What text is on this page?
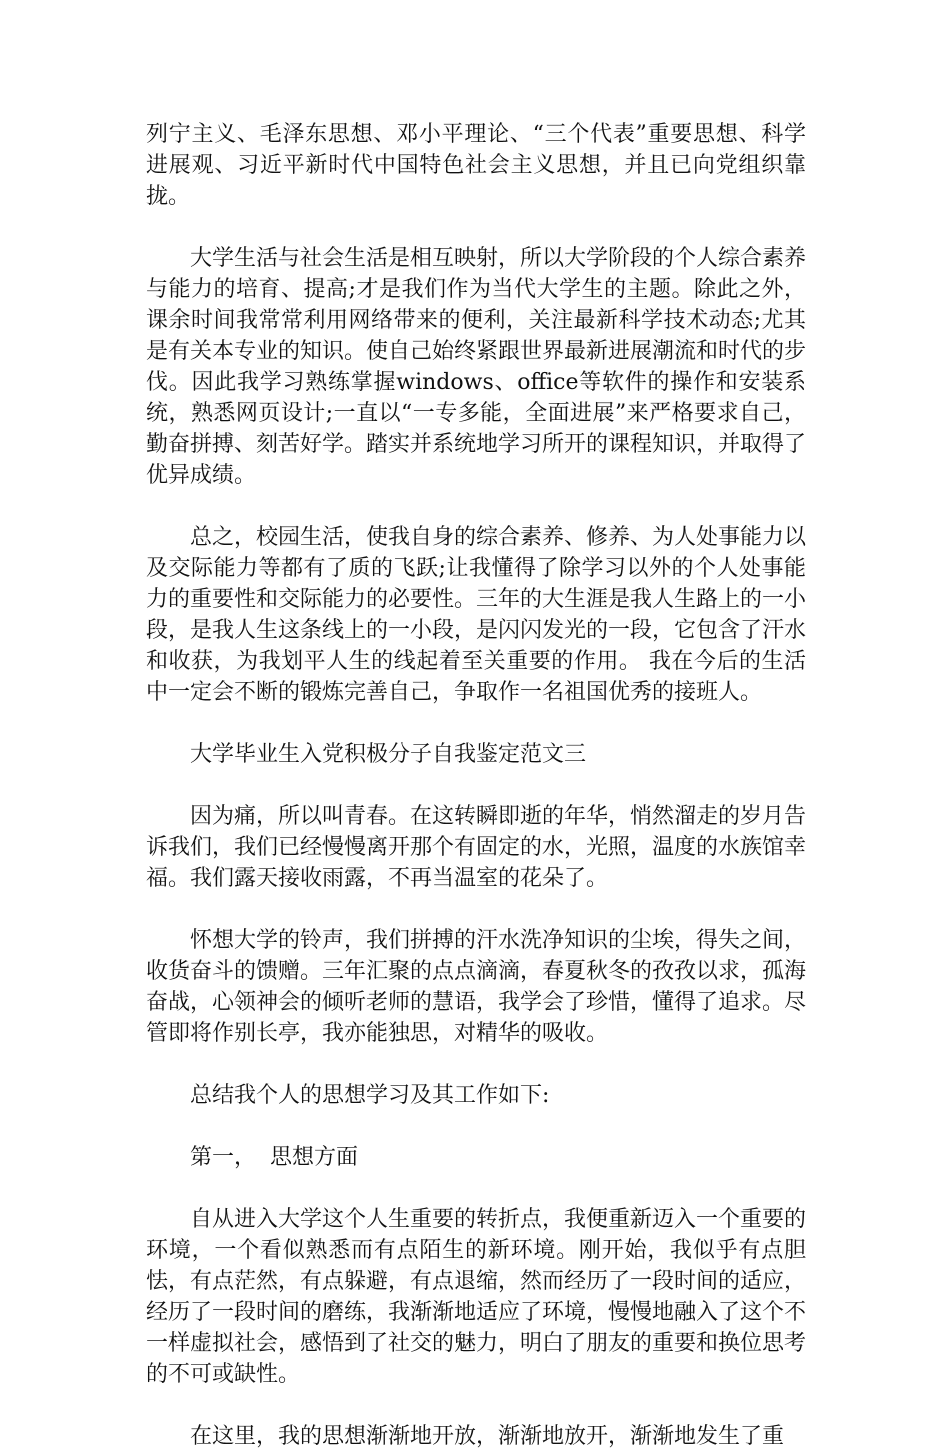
列宁主义、毛泽东思想、邓小平理论、“三个代表”重要思想、科学进展观、习近平新时代中国特色社会主义思想，并且已向党组织靠拢。

大学生活与社会生活是相互映射，所以大学阶段的个人综合素养与能力的培育、提高;才是我们作为当代大学生的主题。除此之外，课余时间我常常利用网络带来的便利，关注最新科学技术动态;尤其是有关本专业的知识。使自己始终紧跟世界最新进展潮流和时代的步伐。因此我学习熟练掌握windows、office等软件的操作和安装系统，熟悉网页设计;一直以“一专多能，全面进展”来严格要求自己，勤奋拼搏、刻苦好学。踏实并系统地学习所开的课程知识，并取得了优异成绩。

总之，校园生活，使我自身的综合素养、修养、为人处事能力以及交际能力等都有了质的飞跃;让我懂得了除学习以外的个人处事能力的重要性和交际能力的必要性。三年的大生涯是我人生路上的一小段，是我人生这条线上的一小段，是闪闪发光的一段，它包含了汗水和收获，为我划平人生的线起着至关重要的作用。 我在今后的生活中一定会不断的锻炼完善自己，争取作一名祖国优秀的接班人。

大学毕业生入党积极分子自我鉴定范文三

因为痛，所以叫青春。在这转瞬即逝的年华，悄然溜走的岁月告诉我们，我们已经慢慢离开那个有固定的水，光照，温度的水族馆幸福。我们露天接收雨露，不再当温室的花朵了。

怀想大学的铃声，我们拼搏的汗水洗净知识的尘埃，得失之间，收货奋斗的馈赠。三年汇聚的点点滴滴，春夏秋冬的孜孜以求，孤海奋战，心领神会的倾听老师的慧语，我学会了珍惜，懂得了追求。尽管即将作别长亭，我亦能独思，对精华的吸收。

总结我个人的思想学习及其工作如下:

第一，  思想方面

自从进入大学这个人生重要的转折点，我便重新迈入一个重要的环境，一个看似熟悉而有点陌生的新环境。刚开始，我似乎有点胆怯，有点茫然，有点躲避，有点退缩，然而经历了一段时间的适应，经历了一段时间的磨练，我渐渐地适应了环境，慢慢地融入了这个不一样虚拟社会，感悟到了社交的魅力，明白了朋友的重要和换位思考的不可或缺性。

在这里，我的思想渐渐地开放，渐渐地放开，渐渐地发生了重
